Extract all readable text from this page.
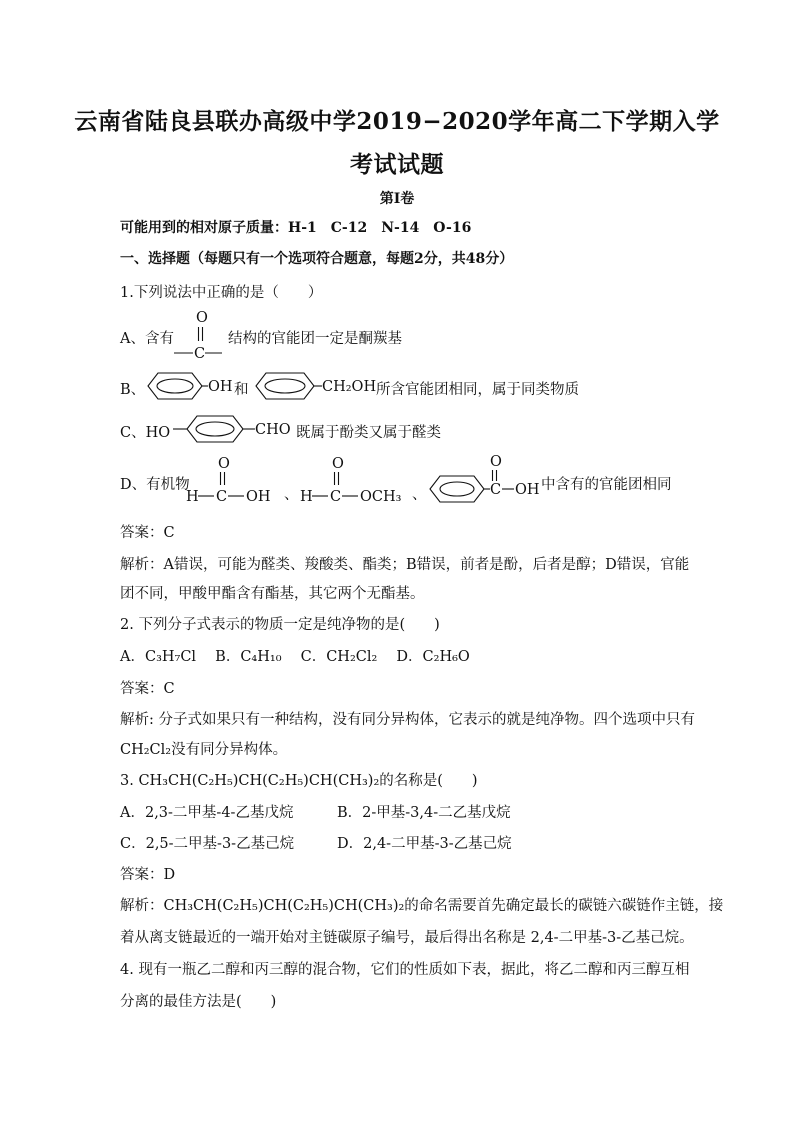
云南省陆良县联办高级中学2019−2020学年高二下学期入学
考试试题
第Ⅰ卷
可能用到的相对原子质量：H-1　C-12　N-14　O-16
一、选择题（每题只有一个选项符合题意，每题2分，共48分）
1.下列说法中正确的是（　　）
A、含有
O
C
结构的官能团一定是酮羰基
B、	OH 和	CH₂OH 所含官能团相同，属于同类物质
C、HO	CHO 既属于酚类又属于醛类
D、有机物
H C
O
OH 、 H C
O
OCH₃ 、	C
O
OH 中含有的官能团相同
答案：C
解析：A错误，可能为醛类、羧酸类、酯类；B错误，前者是酚，后者是醇；D错误，官能
团不同，甲酸甲酯含有酯基，其它两个无酯基。
2. 下列分子式表示的物质一定是纯净物的是(　　)
A．C₃H₇Cl　 B．C₄H₁₀　 C．CH₂Cl₂　 D．C₂H₆O
答案：C
解析: 分子式如果只有一种结构，没有同分异构体，它表示的就是纯净物。四个选项中只有
CH₂Cl₂没有同分异构体。
3. CH₃CH(C₂H₅)CH(C₂H₅)CH(CH₃)₂的名称是(　　)
A．2,3-二甲基-4-乙基戊烷	B．2-甲基-3,4-二乙基戊烷
C．2,5-二甲基-3-乙基己烷	D．2,4-二甲基-3-乙基己烷
答案：D
解析：CH₃CH(C₂H₅)CH(C₂H₅)CH(CH₃)₂的命名需要首先确定最长的碳链六碳链作主链，接
着从离支链最近的一端开始对主链碳原子编号，最后得出名称是 2,4-二甲基-3-乙基己烷。
4. 现有一瓶乙二醇和丙三醇的混合物，它们的性质如下表，据此，将乙二醇和丙三醇互相
分离的最佳方法是(　　)
